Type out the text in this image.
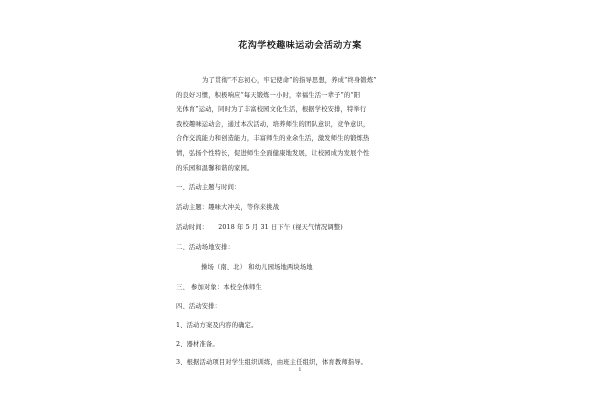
花沟学校趣味运动会活动方案
为了贯彻“不忘初心，牢记使命”的指导思想，养成“终身锻炼”
的良好习惯，积极响应“每天锻炼一小时，幸福生活一辈子”的“阳
光体育”运动，同时为了丰富校园文化生活，根据学校安排，特举行
我校趣味运动会，通过本次活动，培养师生的团队意识，竞争意识，
合作交流能力和创造能力，丰富师生的业余生活，激发师生的锻炼热
情，弘扬个性特长，促进师生全面健康地发展，让校园成为发展个性
的乐园和温馨和谐的家园。
一、活动主题与时间：
活动主题：趣味大冲关，等你来挑战
活动时间： 2018 年 5 月 31 日下午 (视天气情况调整)
二、活动场地安排：
操场（南、北） 和幼儿园场地两块场地
三、 参加对象：本校全体师生
四、活动安排：
1、活动方案及内容的确定。
2、器材准备。
3、根据活动项目对学生组织训练，由班主任组织，体育教师指导。
1
